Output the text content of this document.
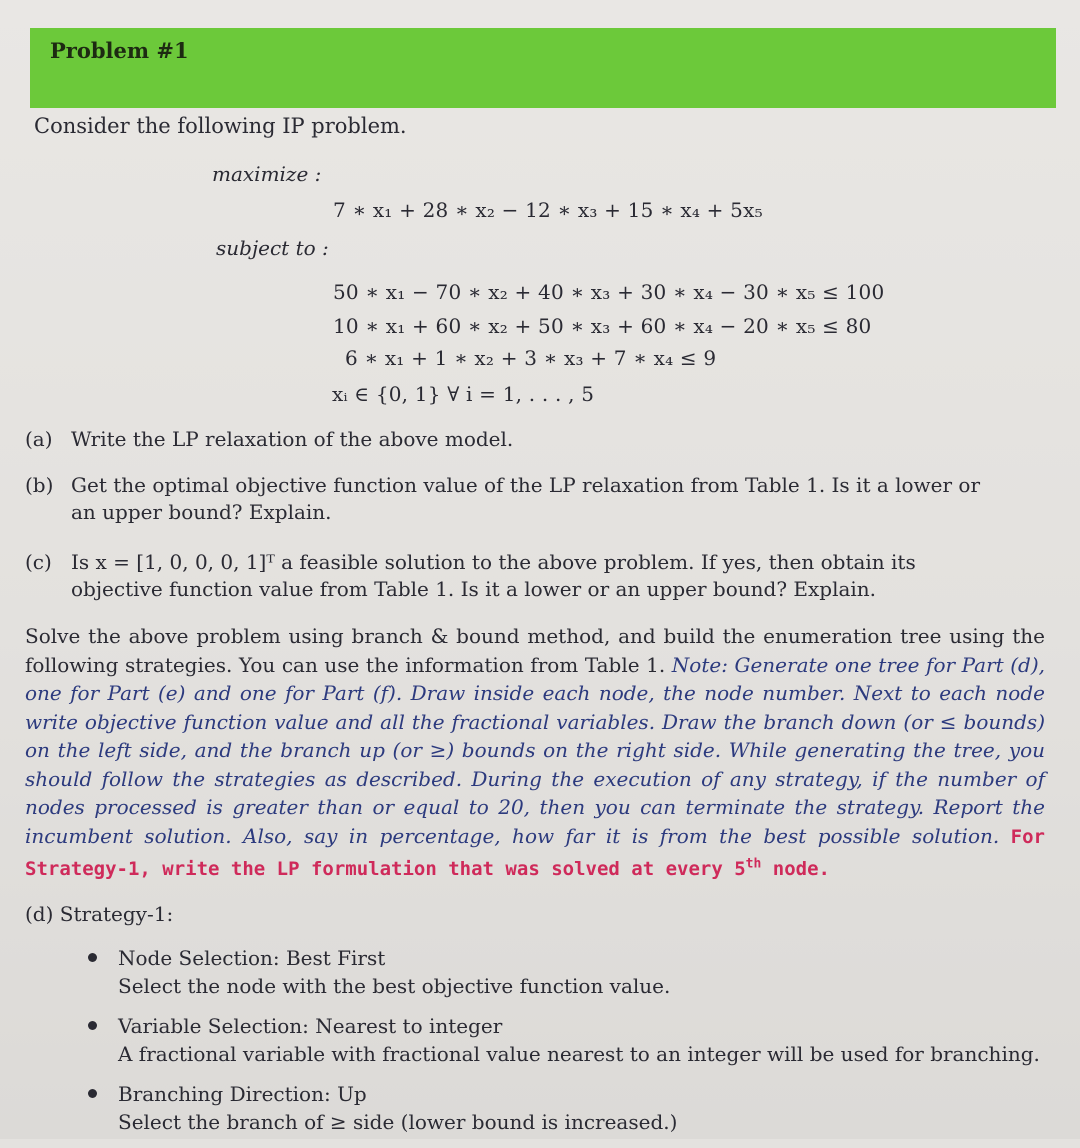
Problem #1
Consider the following IP problem.
maximize :
7 ∗ x₁ + 28 ∗ x₂ − 12 ∗ x₃ + 15 ∗ x₄ + 5x₅
subject to :
50 ∗ x₁ − 70 ∗ x₂ + 40 ∗ x₃ + 30 ∗ x₄ − 30 ∗ x₅ ≤ 100
10 ∗ x₁ + 60 ∗ x₂ + 50 ∗ x₃ + 60 ∗ x₄ − 20 ∗ x₅ ≤ 80
6 ∗ x₁ + 1 ∗ x₂ + 3 ∗ x₃ + 7 ∗ x₄ ≤ 9
xᵢ ∈ {0, 1} ∀ i = 1, . . . , 5
(a) Write the LP relaxation of the above model.
(b) Get the optimal objective function value of the LP relaxation from Table 1. Is it a lower or an upper bound? Explain.
(c) Is x = [1, 0, 0, 0, 1]ᵀ a feasible solution to the above problem. If yes, then obtain its objective function value from Table 1. Is it a lower or an upper bound? Explain.
Solve the above problem using branch & bound method, and build the enumeration tree using the following strategies. You can use the information from Table 1. Note: Generate one tree for Part (d), one for Part (e) and one for Part (f). Draw inside each node, the node number. Next to each node write objective function value and all the fractional variables. Draw the branch down (or ≤ bounds) on the left side, and the branch up (or ≥) bounds on the right side. While generating the tree, you should follow the strategies as described. During the execution of any strategy, if the number of nodes processed is greater than or equal to 20, then you can terminate the strategy. Report the incumbent solution. Also, say in percentage, how far it is from the best possible solution. For Strategy-1, write the LP formulation that was solved at every 5th node.
(d) Strategy-1:
Node Selection: Best First
Select the node with the best objective function value.
Variable Selection: Nearest to integer
A fractional variable with fractional value nearest to an integer will be used for branching.
Branching Direction: Up
Select the branch of ≥ side (lower bound is increased.)
